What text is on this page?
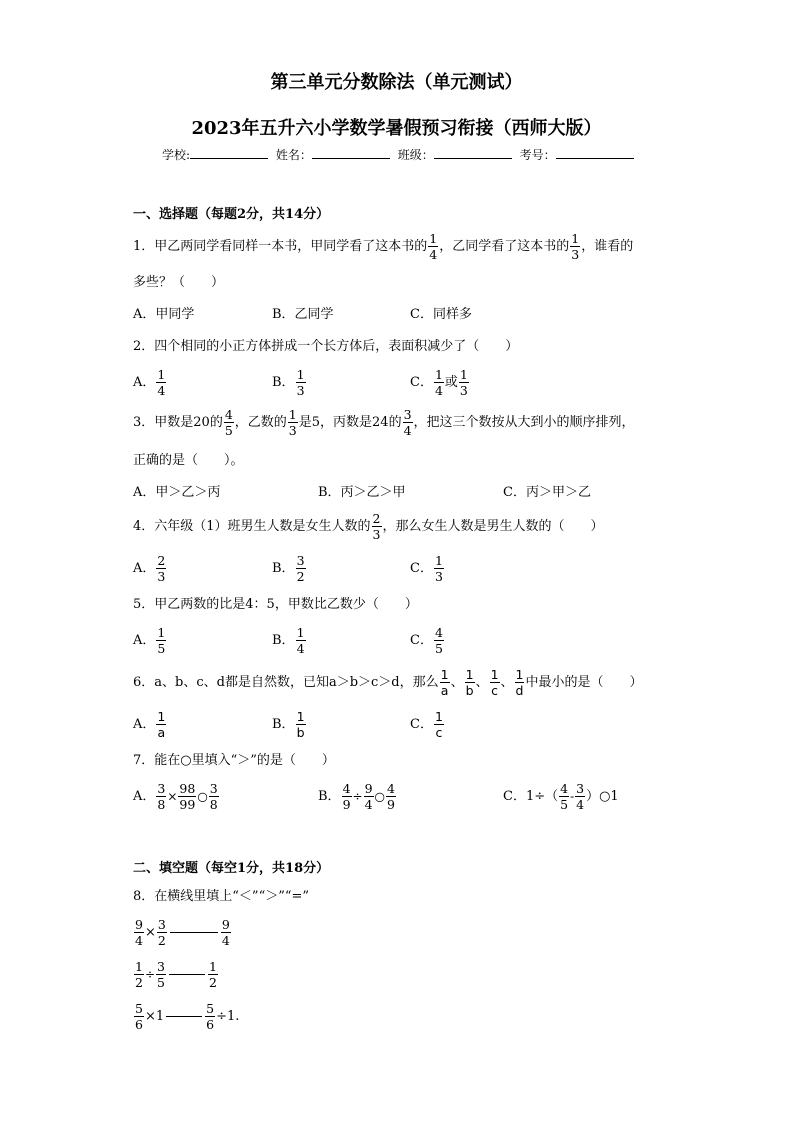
第三单元分数除法（单元测试）
2023年五升六小学数学暑假预习衔接（西师大版）
学校:	姓名：	班级：	考号：
一、选择题（每题2分，共14分）
1．甲乙两同学看同样一本书，甲同学看了这本书的 $\frac{1}{4}$ ，乙同学看了这本书的 $\frac{1}{3}$ ，谁看的
多些？（　　）
A．甲同学	B．乙同学	C．同样多
2．四个相同的小正方体拼成一个长方体后，表面积减少了（　　）
A． $\frac{1}{4}$	B． $\frac{1}{3}$	C． $\frac{1}{4}$ 或 $\frac{1}{3}$
3．甲数是20的 $\frac{4}{5}$ ，乙数的 $\frac{1}{3}$ 是5，丙数是24的 $\frac{3}{4}$ ，把这三个数按从大到小的顺序排列，
正确的是（　　）。
A．甲＞乙＞丙	B．丙＞乙＞甲	C．丙＞甲＞乙
4．六年级（1）班男生人数是女生人数的 $\frac{2}{3}$ ，那么女生人数是男生人数的（　　）
A． $\frac{2}{3}$	B． $\frac{3}{2}$	C． $\frac{1}{3}$
5．甲乙两数的比是4：5，甲数比乙数少（　　）
A． $\frac{1}{5}$	B． $\frac{1}{4}$	C． $\frac{4}{5}$
6．a、b、c、d都是自然数，已知a＞b＞c＞d，那么 $\frac{1}{a}$ 、 $\frac{1}{b}$ 、 $\frac{1}{c}$ 、 $\frac{1}{d}$ 中最小的是（　　）
A． $\frac{1}{a}$	B． $\frac{1}{b}$	C． $\frac{1}{c}$
7．能在○里填入“＞”的是（　　）
A． $\frac{3}{8} \times \frac{98}{99}$ ○ $\frac{3}{8}$	B． $\frac{4}{9} \div \frac{9}{4}$ ○ $\frac{4}{9}$	C．$1\div( \frac{4}{5} - \frac{3}{4}$ ）○1
二、填空题（每空1分，共18分）
8．在横线里填上“＜”“＞”“=”
$\frac{9}{4} \times \frac{3}{2}$	$\frac{9}{4}$
$\frac{1}{2} \div \frac{3}{5}$	$\frac{1}{2}$
$\frac{5}{6} \times 1$	$\frac{5}{6} \div 1$.
